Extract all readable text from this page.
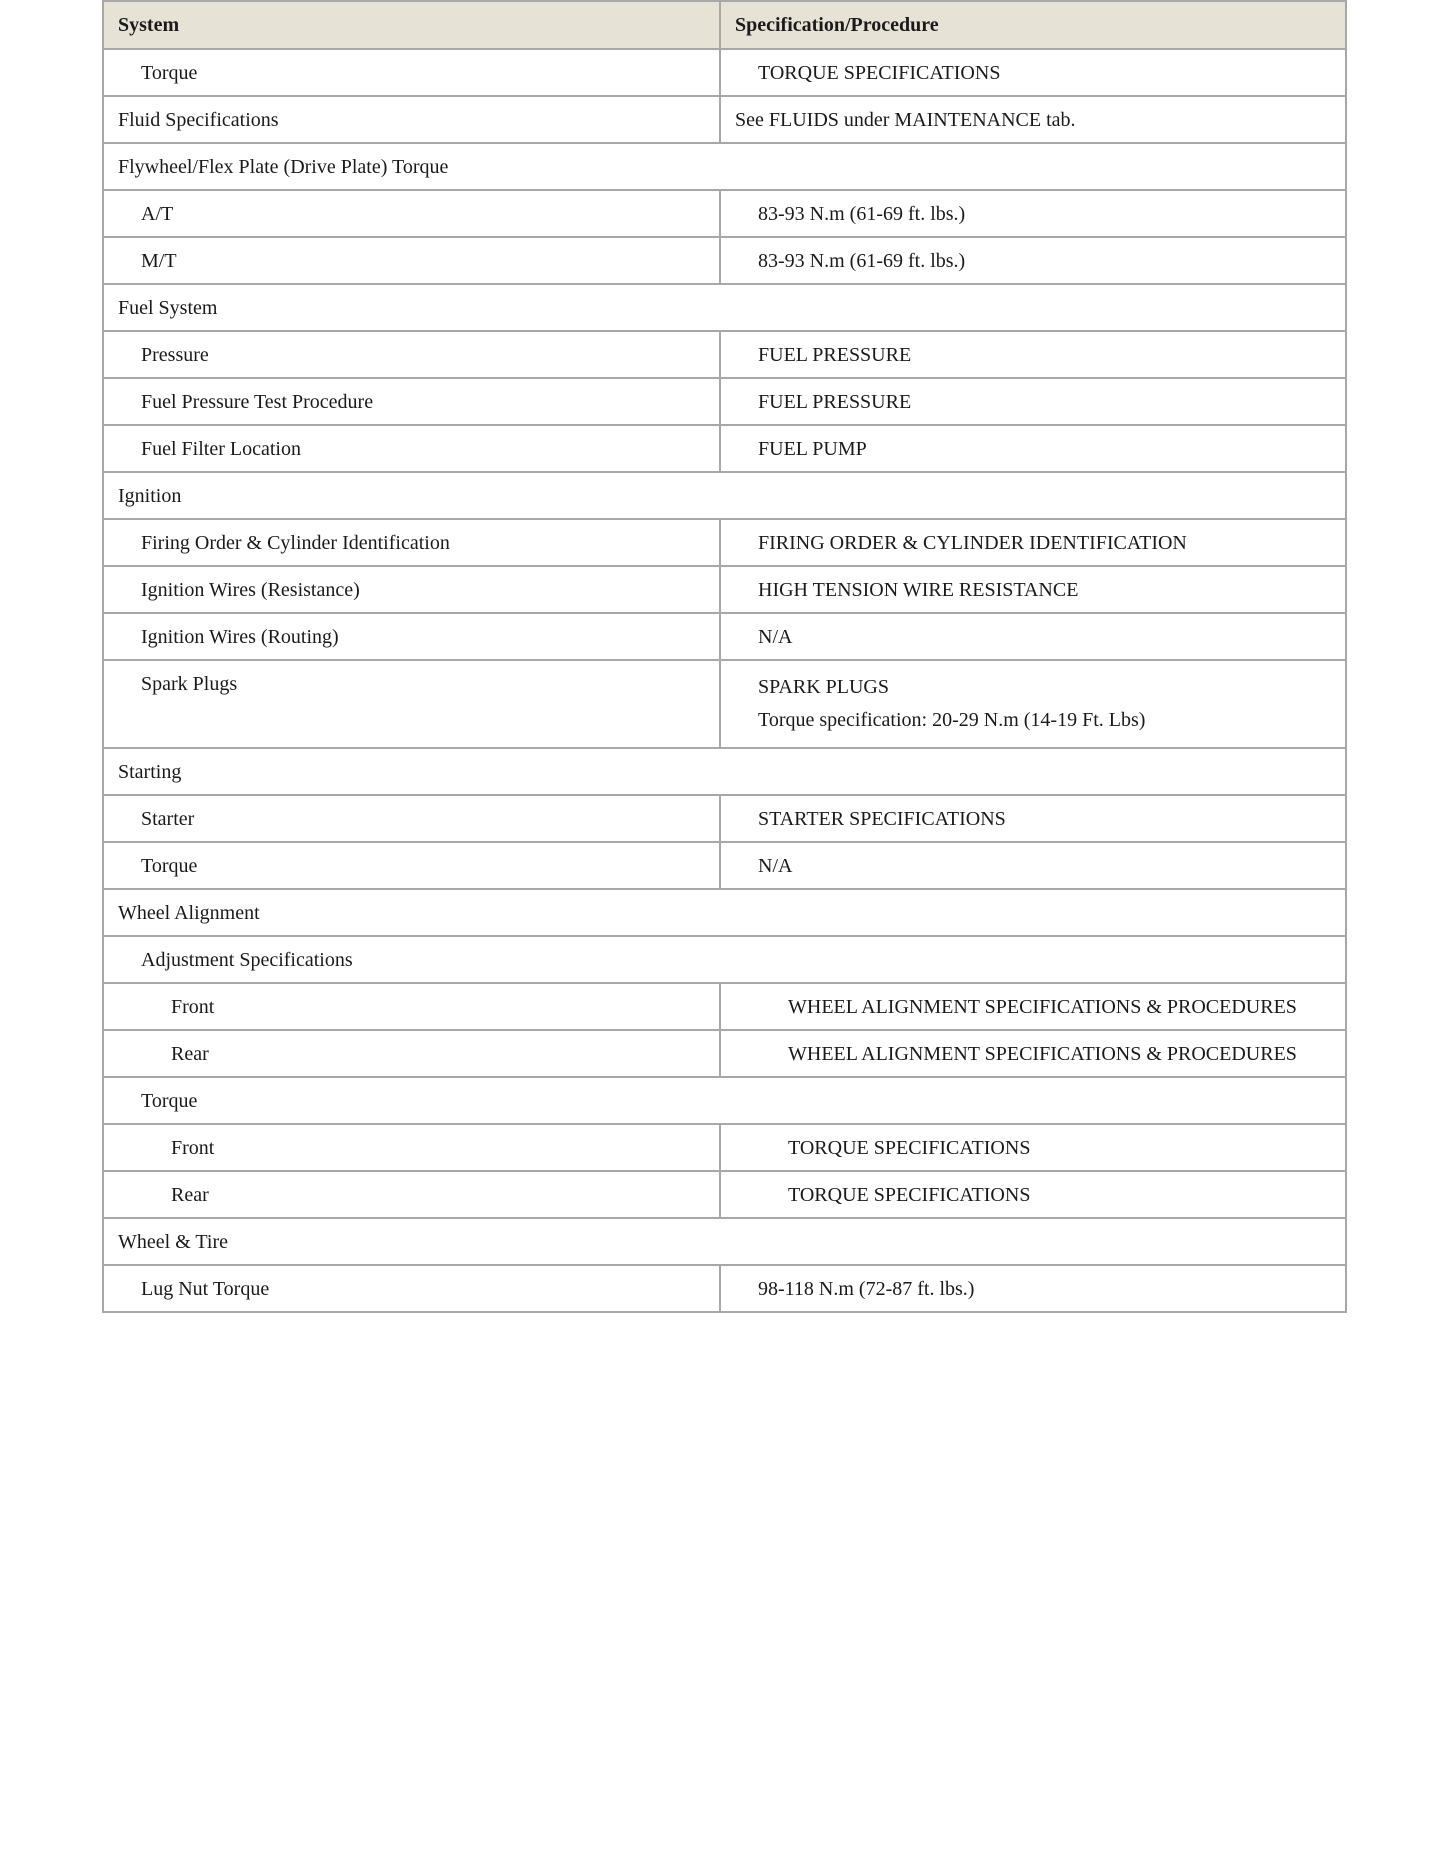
System	Specification/Procedure
Torque	TORQUE SPECIFICATIONS
Fluid Specifications	See FLUIDS under MAINTENANCE tab.
Flywheel/Flex Plate (Drive Plate) Torque	
A/T	83-93 N.m (61-69 ft. lbs.)
M/T	83-93 N.m (61-69 ft. lbs.)
Fuel System	
Pressure	FUEL PRESSURE
Fuel Pressure Test Procedure	FUEL PRESSURE
Fuel Filter Location	FUEL PUMP
Ignition	
Firing Order & Cylinder Identification	FIRING ORDER & CYLINDER IDENTIFICATION
Ignition Wires (Resistance)	HIGH TENSION WIRE RESISTANCE
Ignition Wires (Routing)	N/A
Spark Plugs	SPARK PLUGS
Torque specification: 20-29 N.m (14-19 Ft. Lbs)

Starting	
Starter	STARTER SPECIFICATIONS
Torque	N/A
Wheel Alignment	
Adjustment Specifications	
Front	WHEEL ALIGNMENT SPECIFICATIONS & PROCEDURES
Rear	WHEEL ALIGNMENT SPECIFICATIONS & PROCEDURES
Torque	
Front	TORQUE SPECIFICATIONS
Rear	TORQUE SPECIFICATIONS
Wheel & Tire	
Lug Nut Torque	98-118 N.m (72-87 ft. lbs.)
